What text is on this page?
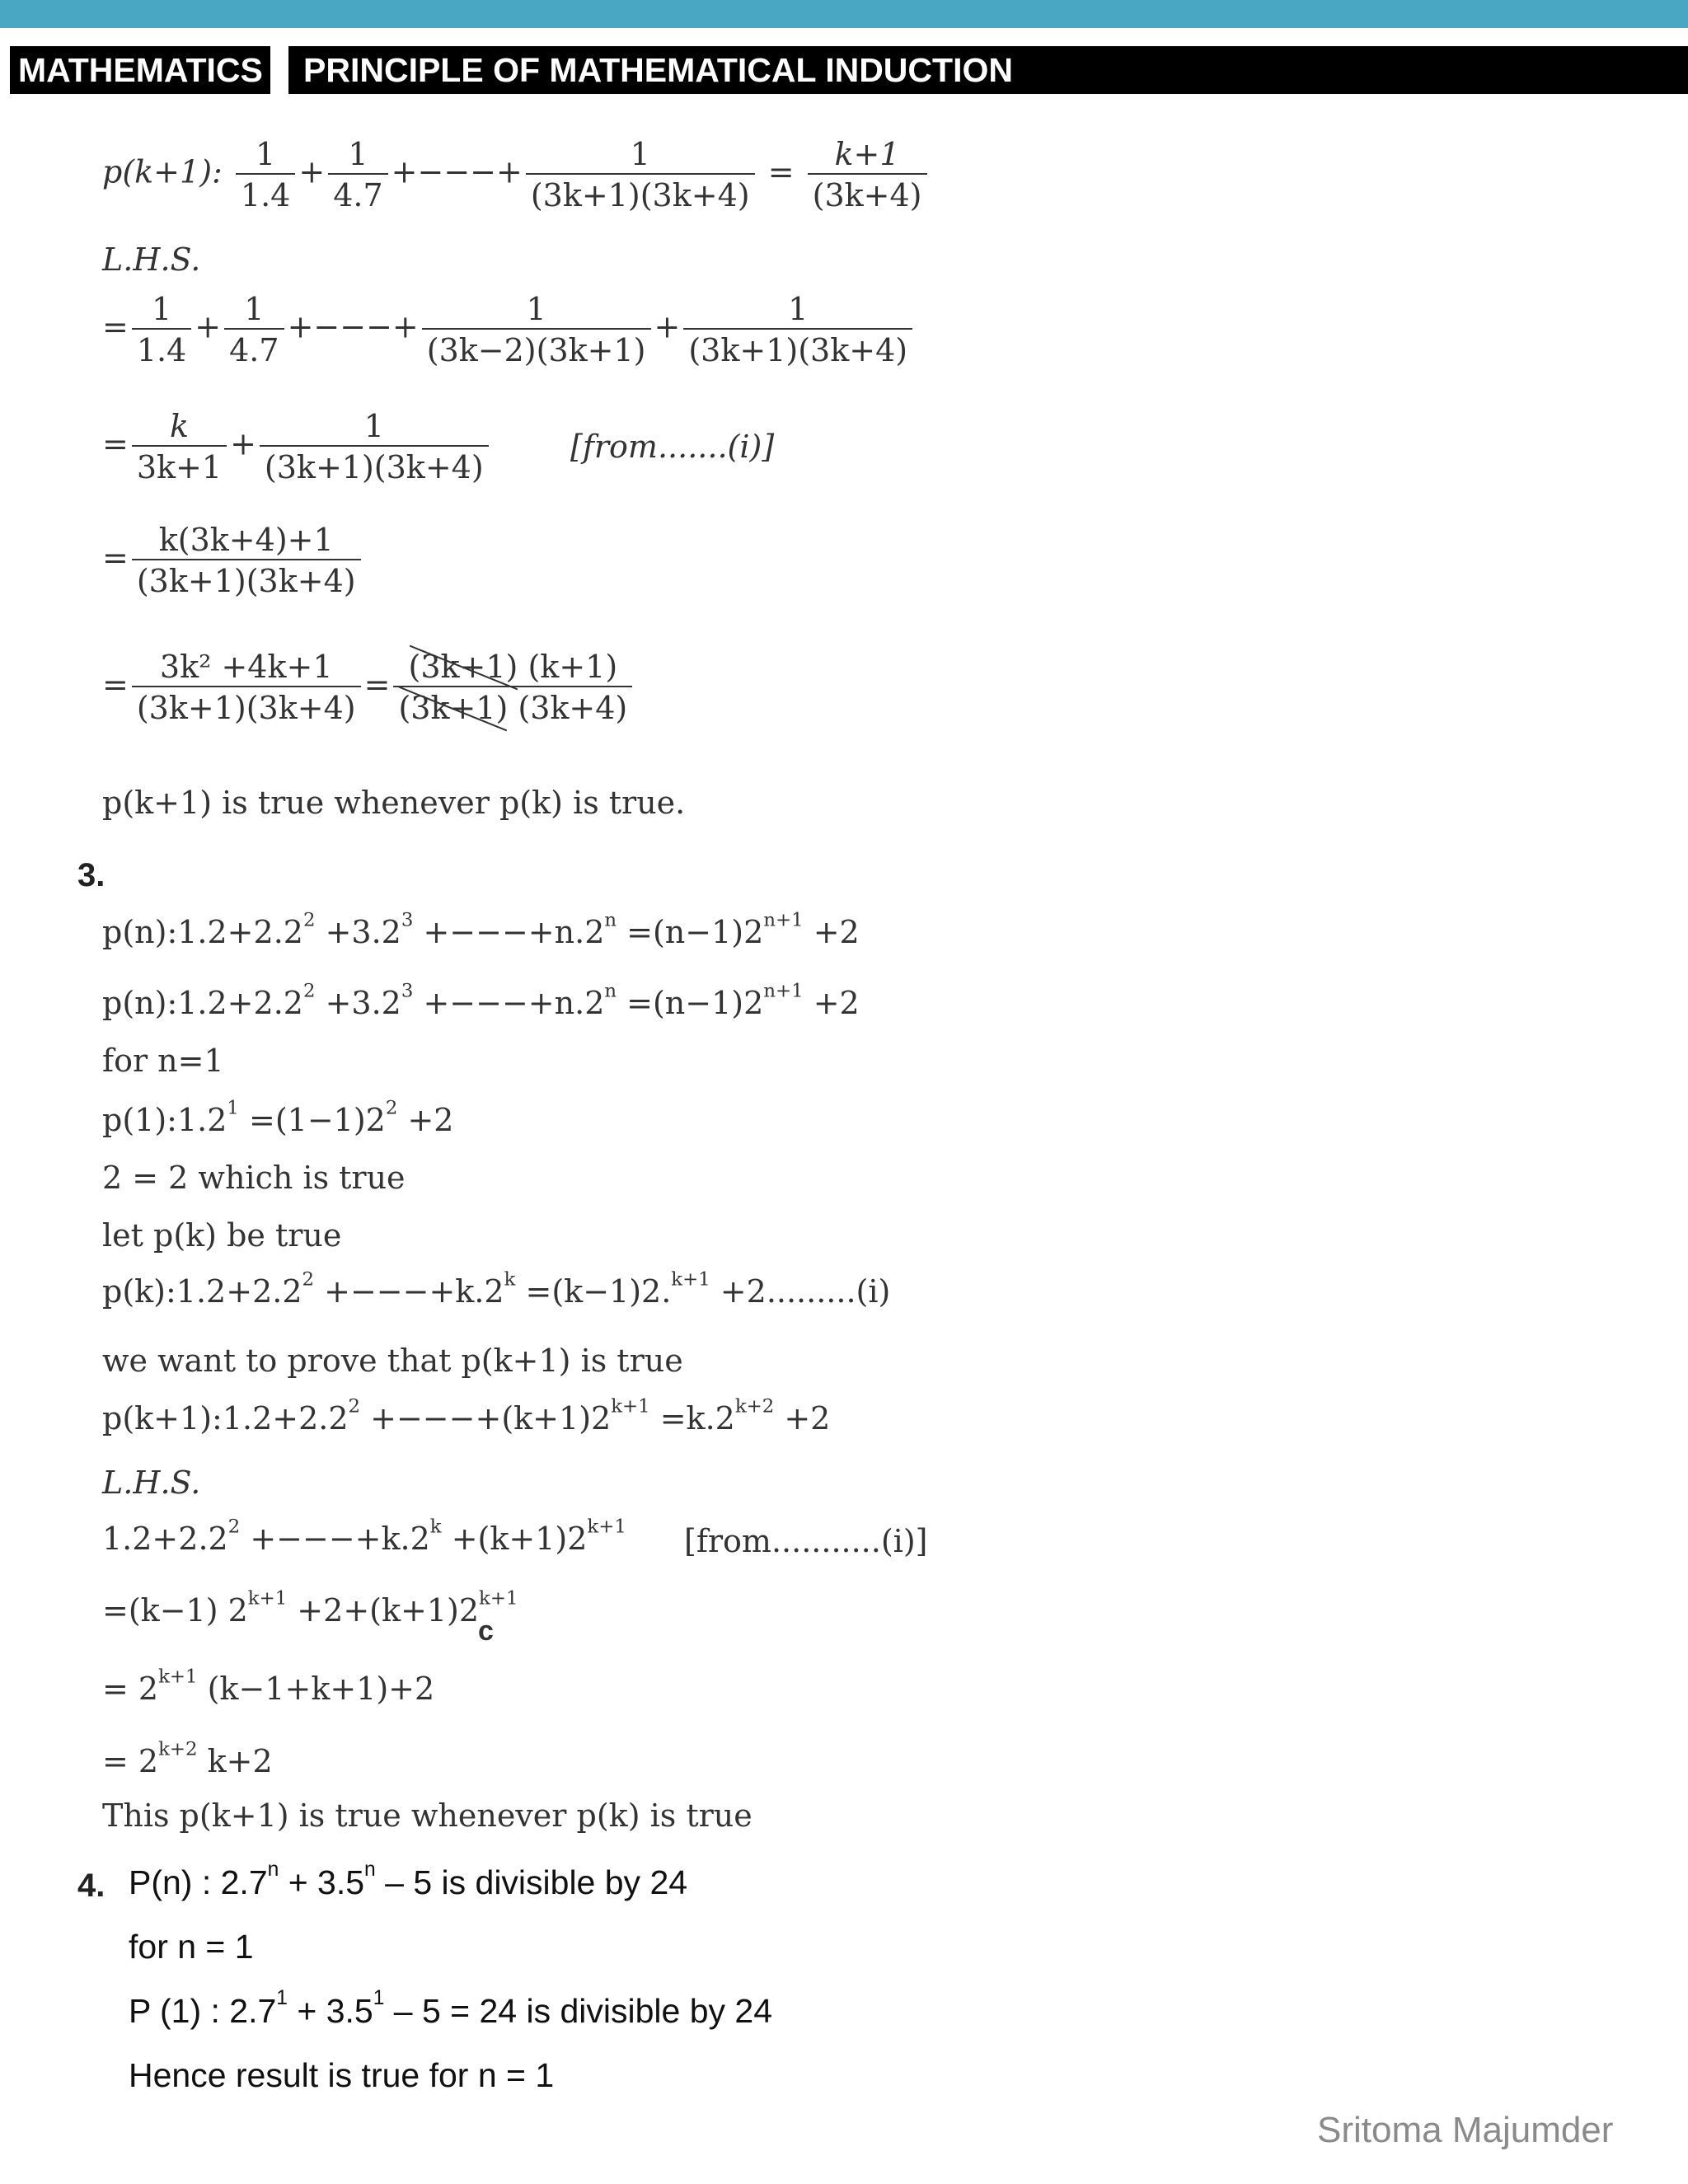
MATHEMATICS	PRINCIPLE OF MATHEMATICAL INDUCTION
p(k+1): $\frac{1}{1.4} + \frac{1}{4.7}$ +−−−+ $\frac{1}{(3k+1)(3k+4)} = \frac{k+1}{(3k+4)}$
L.H.S.
= $\frac{1}{1.4} + \frac{1}{4.7}$ +−−−+ $\frac{1}{(3k-2)(3k+1)} + \frac{1}{(3k+1)(3k+4)}$
= $\frac{k}{3k+1} + \frac{1}{(3k+1)(3k+4)}$	[from.......(i)]
= $\frac{k(3k+4)+1}{(3k+1)(3k+4)}$
= $\frac{\text{3k² +4k+1}}{(3k+1)(3k+4)} = \frac{(3k+1) (k+1)}{(3k+1) (3k+4)}$
p(k+1) is true whenever p(k) is true.
3.
$p(n):1.2+2.2^2 +3.2^3 +---+n.2^n =(n-1)2^{n+1} +2$
$p(n):1.2+2.2^2 +3.2^3 +---+n.2^n =(n-1)2^{n+1} +2$
for n=1
$p(1):1.2^1 =(1-1)2^2 +2$
2 = 2 which is true
let p(k) be true
$p(k):1.2+2.2^2 +---+k.2^k =(k-1)2.^{k+1} +2.........(i)$
we want to prove that p(k+1) is true
$p(k+1):1.2+2.2^2 +---+(k+1)2^{k+1} =k.2^{k+2} +2$
L.H.S.
$1.2+2.2^2 +---+k.2^k +(k+1)2^{k+1}$ [from...........(i)]
=(k−1) $2^{k+1} +2+(k+1)2^{k+1}$
c
= $2^{k+1}$ (k−1+k+1)+2
= $2^{k+2}$ k+2
This p(k+1) is true whenever p(k) is true
4. P(n) : $2.7^n + 3.5^n - 5$ is divisible by 24
for n = 1
P (1) : $2.7^1 + 3.5^1 - 5 = 24$ is divisible by 24
Hence result is true for n = 1
Sritoma Majumder
